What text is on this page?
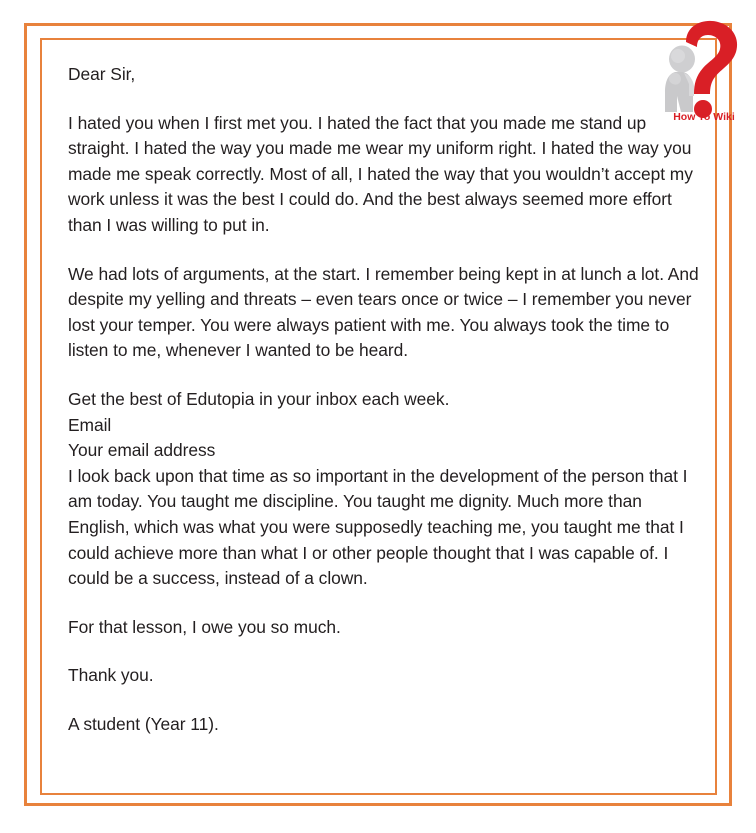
Dear Sir,

I hated you when I first met you. I hated the fact that you made me stand up straight. I hated the way you made me wear my uniform right. I hated the way you made me speak correctly. Most of all, I hated the way that you wouldn’t accept my work unless it was the best I could do. And the best always seemed more effort than I was willing to put in.

We had lots of arguments, at the start. I remember being kept in at lunch a lot. And despite my yelling and threats – even tears once or twice – I remember you never lost your temper. You were always patient with me. You always took the time to listen to me, whenever I wanted to be heard.

Get the best of Edutopia in your inbox each week.

Email

Your email address

I look back upon that time as so important in the development of the person that I am today. You taught me discipline. You taught me dignity. Much more than English, which was what you were supposedly teaching me, you taught me that I could achieve more than what I or other people thought that I was capable of. I could be a success, instead of a clown.

For that lesson, I owe you so much.

Thank you.

A student (Year 11).

How To Wiki
